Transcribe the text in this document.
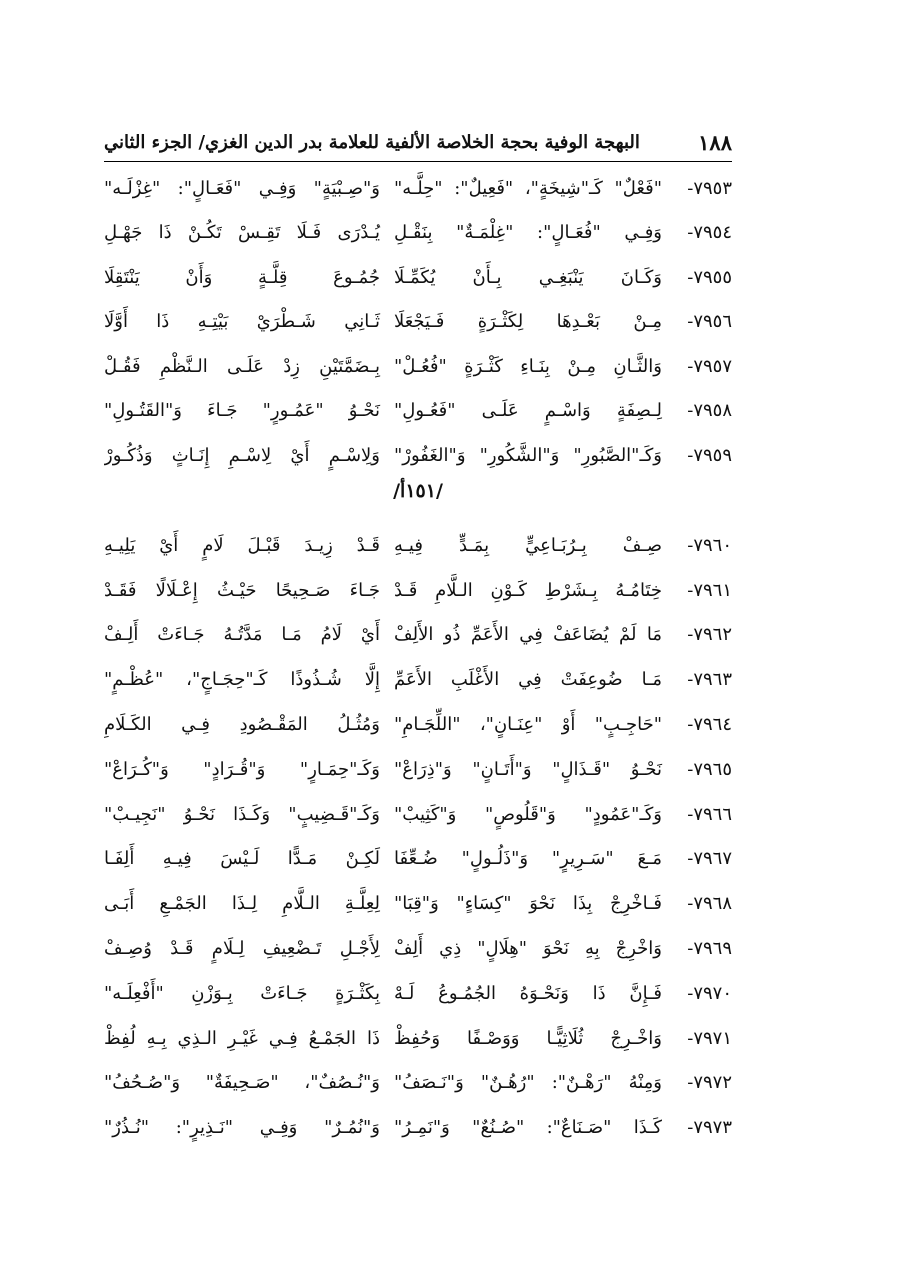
١٨٨
البهجة الوفية بحجة الخلاصة الألفية للعلامة بدر الدين الغزي/ الجزء الثاني
٧٩٥٣-
"فَعْلٌ" كَـ"شِيخَةٍ"، "فَعِيلٌ": "حِلَّـه"
وَ"صِـبْيَةٍ" وَفِـي "فَعَـالٍ": "غِزْلَـه"
٧٩٥٤-
وَفِـي "فُعَـالٍ": "غِلْمَـةٌ" بِنَقْـلِ
يُـدْرَى فَـلَا تَقِـسْ تَكُـنْ ذَا جَهْـلِ
٧٩٥٥-
وَكَـانَ يَنْبَغِـي بِـأَنْ يُكَمِّـلَا
جُمُـوعَ قِلَّـةٍ وَأَنْ يَنْتَقِلَا
٧٩٥٦-
مِـنْ بَعْـدِهَا لِكَثْـرَةٍ فَـيَجْعَلَا
ثَـانِي شَـطْرَيْ بَيْتِـهِ ذَا أَوَّلَا
٧٩٥٧-
وَالثَّـانِ مِـنْ بِنَـاءِ كَثْـرَةٍ "فُعُـلْ"
بِـضَمَّتَيْنِ زِدْ عَلَـى الـنَّظْمِ فَقُـلْ
٧٩٥٨-
لِـصِفَةٍ وَاسْـمٍ عَلَـى "فَعُـولِ"
نَحْـوُ "عَمُـورٍ" جَـاءَ وَ"القَتُـولِ"
٧٩٥٩-
وَكَـ"الصَّبُورِ" وَ"الشَّكُورِ" وَ"الغَفُورْ"
وَلِاسْـمٍ أَيْ لِاسْـمِ إِنَـاثٍ وَذُكُـورْ
/١٥١أ/
٧٩٦٠-
صِـفْ بِـرُبَـاعِيٍّ بِمَـدٍّ فِيـهِ
قَـدْ زِيـدَ قَبْـلَ لَامٍ أَيْ يَلِيـهِ
٧٩٦١-
خِتَامُـهُ بِـشَرْطِ كَـوْنِ الـلَّامِ قَـدْ
جَـاءَ صَـحِيحًا حَيْـثُ إِعْـلَالًا فَقَـدْ
٧٩٦٢-
مَا لَمْ يُضَاعَفْ فِي الأَعَمِّ ذُو الأَلِفْ
أَيْ لَامُ مَـا مَدَّتُـهُ جَـاءَتْ أَلِـفْ
٧٩٦٣-
مَـا ضُوعِفَتْ فِي الأَغْلَبِ الأَعَمِّ
إِلَّا شُـذُوذًا كَـ"حِجَـاجٍ"، "عُظْـمٍ"
٧٩٦٤-
"حَاجِـبٍ" أَوْ "عِنَـانٍ"، "اللِّجَـامِ"
وَمُثُـلُ المَقْـصُودِ فِـي الكَـلَامِ
٧٩٦٥-
نَحْـوُ "قَـذَالٍ" وَ"أَتَـانٍ" وَ"ذِرَاعْ"
وَكَـ"حِمَـارٍ" وَ"قُـرَادٍ" وَ"كُـرَاعْ"
٧٩٦٦-
وَكَـ"عَمُودٍ" وَ"قَلُوصٍ" وَ"كَثِيبْ"
وَكَـ"قَـضِيبٍ" وَكَـذَا نَحْـوُ "نَجِيـبْ"
٧٩٦٧-
مَـعَ "سَـرِيرٍ" وَ"ذَلُـولٍ" ضُـعِّفَا
لَكِـنْ مَـدًّا لَـيْسَ فِيـهِ أَلِفَـا
٧٩٦٨-
فَـاخْرِجْ بِذَا نَحْوَ "كِسَاءٍ" وَ"قِبَا"
لِعِلَّـةِ الـلَّامِ لِـذَا الجَمْـعِ أَبَـى
٧٩٦٩-
وَاخْرِجْ بِهِ نَحْوَ "هِلَالٍ" ذِي أَلِفْ
لِأَجْـلِ تَـضْعِيفِ لِـلَامٍ قَـدْ وُصِـفْ
٧٩٧٠-
فَـإِنَّ ذَا وَنَحْـوَهُ الجُمُـوعُ لَـهْ
بِكَثْـرَةٍ جَـاءَتْ بِـوَزْنِ "أَفْعِلَـه"
٧٩٧١-
وَاخْـرِجْ ثُلَاثِيًّـا وَوَصْـفًا وَحُفِظْ
ذَا الجَمْـعُ فِـي غَيْـرِ الـذِي بِـهِ لُفِظْ
٧٩٧٢-
وَمِنْهُ "رَهْـنٌ": "رُهُـنٌ" وَ"نَـصَفُ"
وَ"نُـصُفٌ"، "صَـحِيفَةٌ" وَ"صُـحُفُ"
٧٩٧٣-
كَـذَا "صَـنَاعٌ": "صُـنُعٌ" وَ"نَمِـرُ"
وَ"نُمُـرٌ" وَفِـي "نَـذِيرٍ": "نُـذُرٌ"
